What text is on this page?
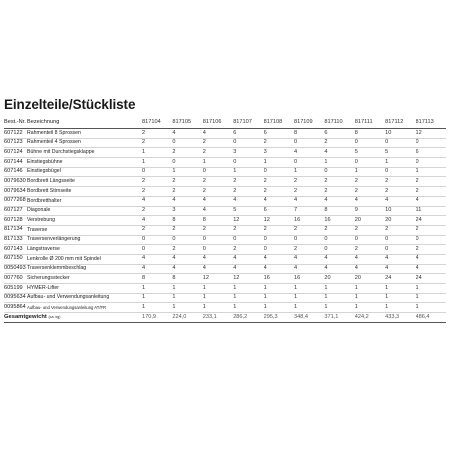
Einzelteile/Stückliste
Best.-Nr.	Bezeichnung	817104	817105	817106	817107	817108	817109	817110	817111	817112	817113
607122	Rahmenteil 8 Sprossen	2	4	4	6	6	8	6	8	10	12
607123	Rahmenteil 4 Sprossen	2	0	2	0	2	0	2	0	0	0
607124	Bühne mit Durchstiegsklappe	1	2	2	3	3	4	4	5	5	6
607144	Einstiegsbühne	1	0	1	0	1	0	1	0	1	0
607146	Einstiegsbügel	0	1	0	1	0	1	0	1	0	1
0079630	Bordbrett Längsseite	2	2	2	2	2	2	2	2	2	2
0079634	Bordbrett Stirnseite	2	2	2	2	2	2	2	2	2	2
0077268	Bordbretthalter	4	4	4	4	4	4	4	4	4	4
607127	Diagonale	2	3	4	5	6	7	8	9	10	11
607128	Verstrebung	4	8	8	12	12	16	16	20	20	24
817134	Traverse	2	2	2	2	2	2	2	2	2	2
817133	Traversenverlängerung	0	0	0	0	0	0	0	0	0	0
607143	Längstraverse	0	2	0	2	0	2	0	2	0	2
607150	Lenkrolle Ø 200 mm mit Spindel	4	4	4	4	4	4	4	4	4	4
0050493	Traversenklemmbeschlag	4	4	4	4	4	4	4	4	4	4
007760	Sicherungsstecker	8	8	12	12	16	16	20	20	24	24
605199	HYMER-Lifter	1	1	1	1	1	1	1	1	1	1
0095634	Aufbau- und Verwendungsanleitung	1	1	1	1	1	1	1	1	1	1
0095864	Aufbau- und Verwendungsanleitung AT/FR	1	1	1	1	1	1	1	1	1	1
Gesamtgewicht (ca. kg)		170,9	224,0	233,1	286,2	295,3	348,4	371,1	424,2	433,3	486,4
